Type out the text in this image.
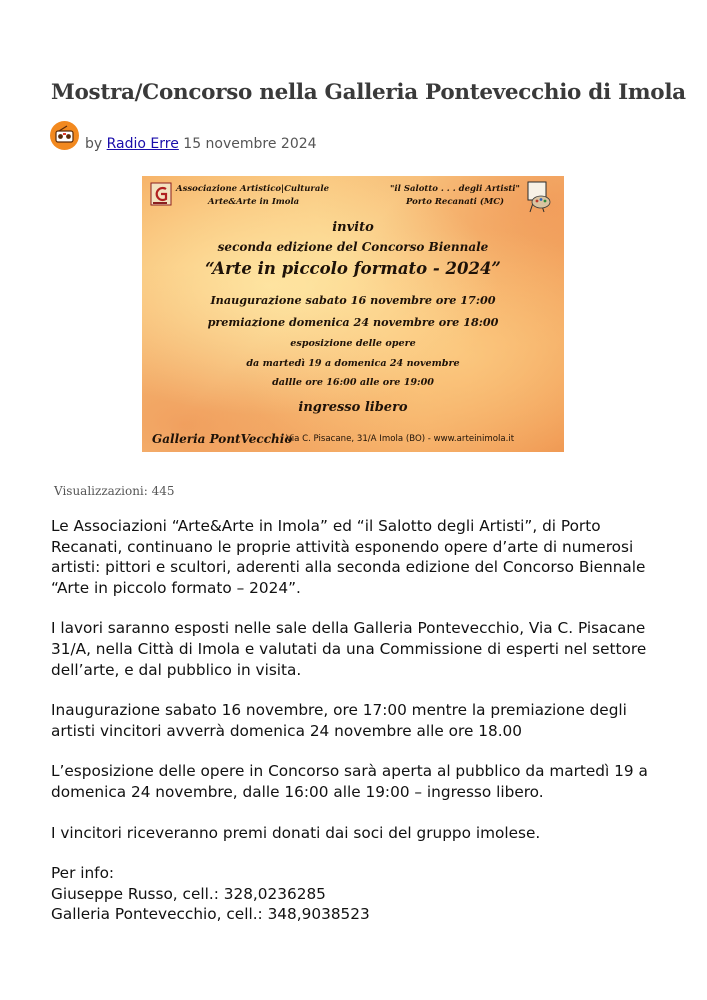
Mostra/Concorso nella Galleria Pontevecchio di Imola
by Radio Erre 15 novembre 2024
Associazione Artistico|Culturale
Arte&Arte in Imola
"il Salotto . . . degli Artisti"
Porto Recanati (MC)
invito
seconda edizione del Concorso Biennale
“Arte in piccolo formato - 2024”
Inaugurazione sabato 16 novembre ore 17:00
premiazione domenica 24 novembre ore 18:00
esposizione delle opere
da martedì 19 a domenica 24 novembre
dallle ore 16:00 alle ore 19:00
ingresso libero
Galleria PontVecchio
Via C. Pisacane, 31/A Imola (BO) - www.arteinimola.it
Visualizzazioni: 445

Le Associazioni “Arte&Arte in Imola” ed “il Salotto degli Artisti”, di Porto Recanati, continuano le proprie attività esponendo opere d’arte di numerosi artisti: pittori e scultori, aderenti alla seconda edizione del Concorso Biennale “Arte in piccolo formato – 2024”.

I lavori saranno esposti nelle sale della Galleria Pontevecchio, Via C. Pisacane 31/A, nella Città di Imola e valutati da una Commissione di esperti nel settore dell’arte, e dal pubblico in visita.

Inaugurazione sabato 16 novembre, ore 17:00 mentre la premiazione degli artisti vincitori avverrà domenica 24 novembre alle ore 18.00

L’esposizione delle opere in Concorso sarà aperta al pubblico da martedì 19 a domenica 24 novembre, dalle 16:00 alle 19:00 – ingresso libero.

I vincitori riceveranno premi donati dai soci del gruppo imolese.

Per info:

Giuseppe Russo, cell.: 328,0236285

Galleria Pontevecchio, cell.: 348,9038523
